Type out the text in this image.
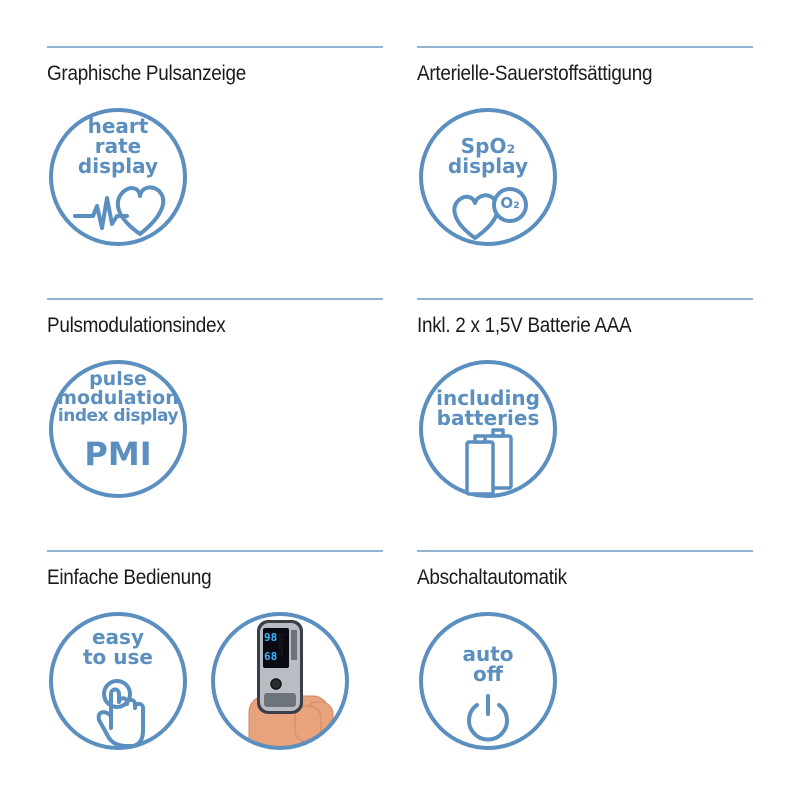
Graphische Pulsanzeige
heart
rate
display
Arterielle-Sauerstoffsättigung
SpO₂
display
O₂
Pulsmodulationsindex
pulse
modulation
index display
PMI
Inkl. 2 x 1,5V Batterie AAA
including
batteries
Einfache Bedienung
easy
to use
98
68 beurer
Abschaltautomatik
auto
off
